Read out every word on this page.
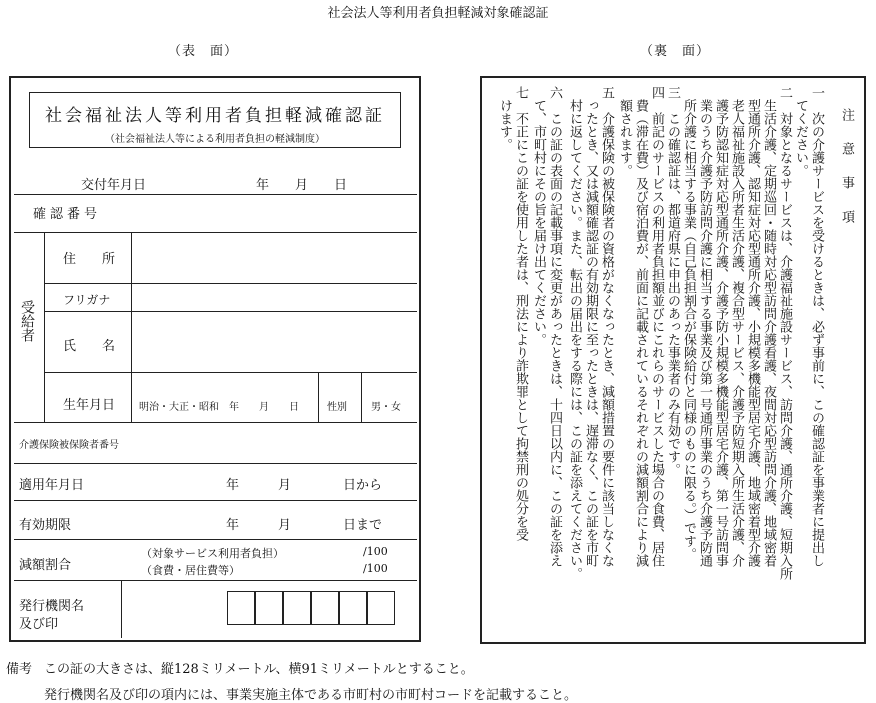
社会法人等利用者負担軽減対象確認証
（表　面）	（裏　面）
社会福祉法人等利用者負担軽減確認証
（社会福祉法人等による利用者負担の軽減制度）
交付年月日	年　　月　　日
確認番号
受給者
住　　所
フリガナ
氏　　名
生年月日 明治・大正・昭和　年　　月　　日	性別 男・女
介護保険被保険者番号
適用年月日	年　　　月　　　　日から
有効期限	年　　　月　　　　日まで
減額割合
（対象サービス利用者負担）	/100
（食費・居住費等）	/100
発行機関名
及び印
注　意　事　項
一　次の介護サービスを受けるときは、必ず事前に、この確認証を事業者に提出し
　てください。
二　対象となるサービスは、介護福祉施設サービス、訪問介護、通所介護、短期入所
　生活介護、定期巡回・随時対応型訪問介護看護、夜間対応型訪問介護、地域密着
　型通所介護、認知症対応型通所介護、小規模多機能型居宅介護、地域密着型介護
　老人福祉施設入所者生活介護、複合型サービス、介護予防短期入所生活介護、介
　護予防認知症対応型通所介護、介護予防小規模多機能型居宅介護、第一号訪問事
　業のうち介護予防訪問介護に相当する事業及び第一号通所事業のうち介護予防通
　所介護に相当する事業（自己負担割合が保険給付と同様のものに限る。）です。
三　この確認証は、都道府県に申出のあった事業者のみ有効です。
四　前記のサービスの利用者負担額並びにこれらのサービスした場合の食費、居住
　費（滞在費）及び宿泊費が、前面に記載されているそれぞれの減額割合により減
　額されます。
五　介護保険の被保険者の資格がなくなったとき、減額措置の要件に該当しなくな
　ったとき、又は減額確認証の有効期限に至ったときは、遅滞なく、この証を市町
　村に返してください。また、転出の届出をする際には、この証を添えてください。
六　この証の表面の記載事項に変更があったときは、十四日以内に、この証を添え
　て、市町村にその旨を届け出てください。
七　不正にこの証を使用した者は、刑法により詐欺罪として拘禁刑の処分を受
　けます。
備考 この証の大きさは、縦128ミリメートル、横91ミリメートルとすること。
発行機関名及び印の項内には、事業実施主体である市町村の市町村コードを記載すること。
